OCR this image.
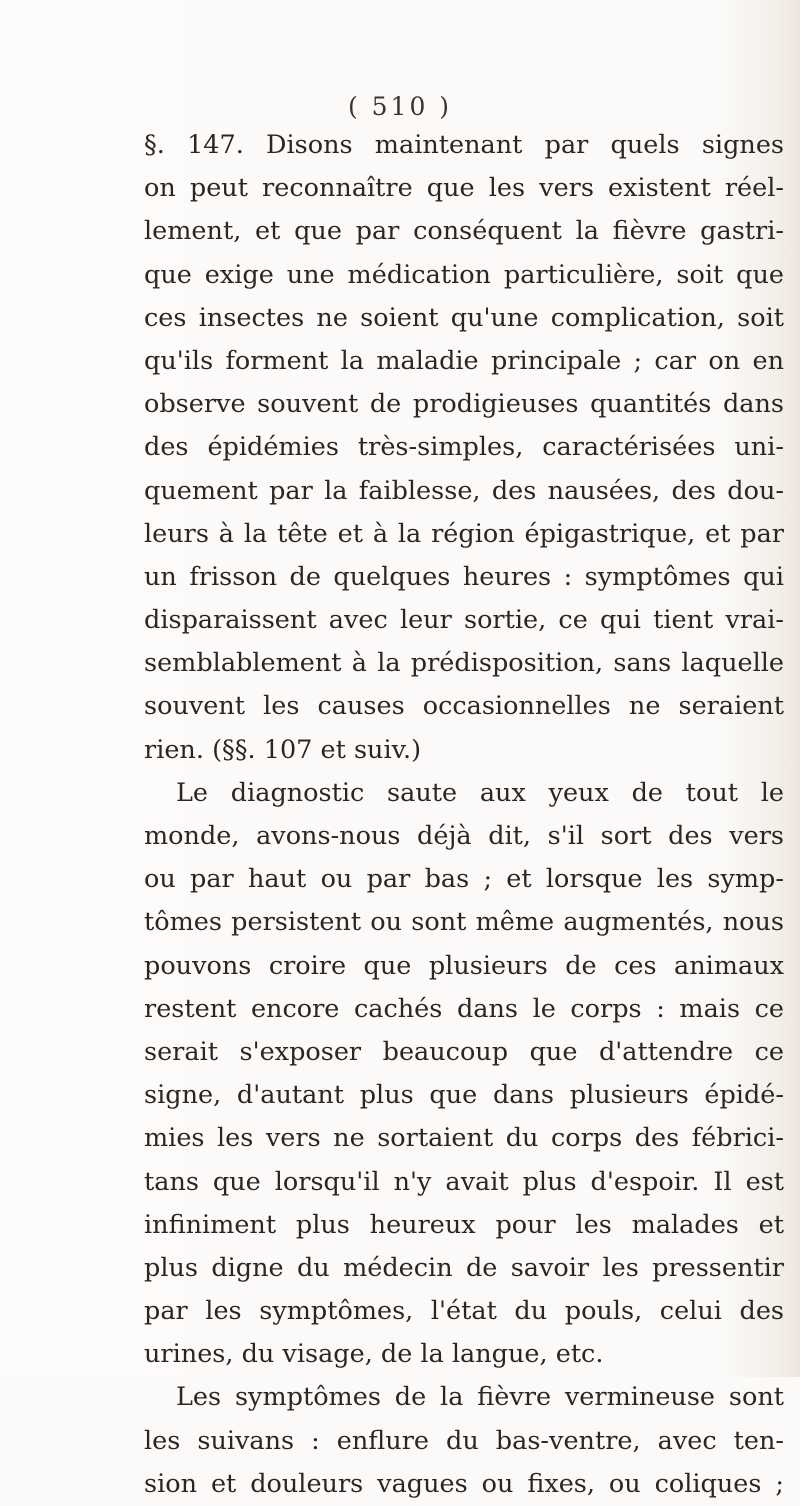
( 510 )
§. 147. Disons maintenant par quels signes
on peut reconnaître que les vers existent réel-
lement, et que par conséquent la fièvre gastri-
que exige une médication particulière, soit que
ces insectes ne soient qu'une complication, soit
qu'ils forment la maladie principale ; car on en
observe souvent de prodigieuses quantités dans
des épidémies très-simples, caractérisées uni-
quement par la faiblesse, des nausées, des dou-
leurs à la tête et à la région épigastrique, et par
un frisson de quelques heures : symptômes qui
disparaissent avec leur sortie, ce qui tient vrai-
semblablement à la prédisposition, sans laquelle
souvent les causes occasionnelles ne seraient
rien. (§§. 107 et suiv.)
Le diagnostic saute aux yeux de tout le
monde, avons-nous déjà dit, s'il sort des vers
ou par haut ou par bas ; et lorsque les symp-
tômes persistent ou sont même augmentés, nous
pouvons croire que plusieurs de ces animaux
restent encore cachés dans le corps : mais ce
serait s'exposer beaucoup que d'attendre ce
signe, d'autant plus que dans plusieurs épidé-
mies les vers ne sortaient du corps des fébrici-
tans que lorsqu'il n'y avait plus d'espoir. Il est
infiniment plus heureux pour les malades et
plus digne du médecin de savoir les pressentir
par les symptômes, l'état du pouls, celui des
urines, du visage, de la langue, etc.
Les symptômes de la fièvre vermineuse sont
les suivans : enflure du bas-ventre, avec ten-
sion et douleurs vagues ou fixes, ou coliques ;
